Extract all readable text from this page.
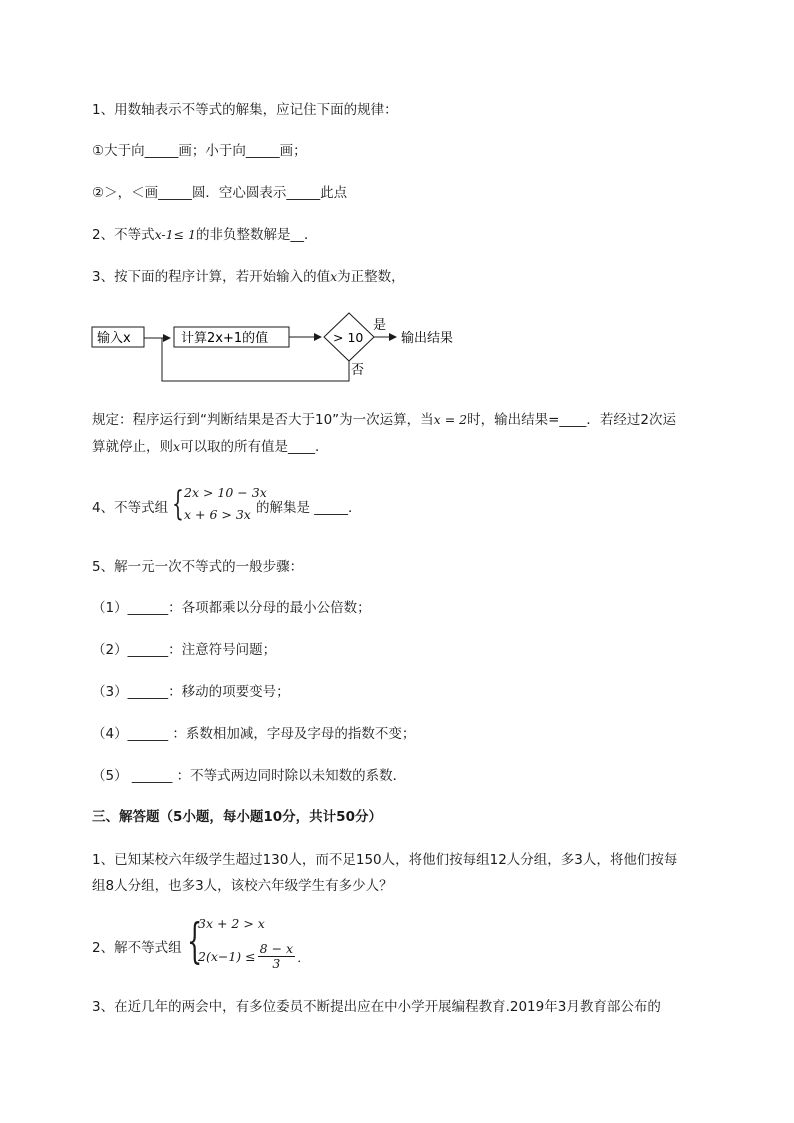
1、用数轴表示不等式的解集，应记住下面的规律：
①大于向_____画；小于向_____画；
②＞，＜画_____圆．空心圆表示_____此点
2、不等式x-1≤ 1的非负整数解是__．
3、按下面的程序计算，若开始输入的值x为正整数，
输入x	计算2x+1的值	> 10
是
输出结果
否
规定：程序运行到“判断结果是否大于10”为一次运算，当x = 2时，输出结果=____．若经过2次运
算就停止，则x可以取的所有值是____．
4、不等式组 { 2x > 10 − 3x
x + 6 > 3x 的解集是 _____．
5、解一元一次不等式的一般步骤：
（1）______：各项都乘以分母的最小公倍数；
（2）______：注意符号问题；
（3）______：移动的项要变号；
（4）______ ：系数相加减，字母及字母的指数不变；
（5） ______ ：不等式两边同时除以未知数的系数．
三、解答题（5小题，每小题10分，共计50分）
1、已知某校六年级学生超过130人，而不足150人，将他们按每组12人分组，多3人，将他们按每
组8人分组，也多3人，该校六年级学生有多少人？
2、解不等式组 {
3x + 2 > x
$2(x-1) \le \frac{8 - x}{3}$ ．
3、在近几年的两会中，有多位委员不断提出应在中小学开展编程教育.2019年3月教育部公布的
